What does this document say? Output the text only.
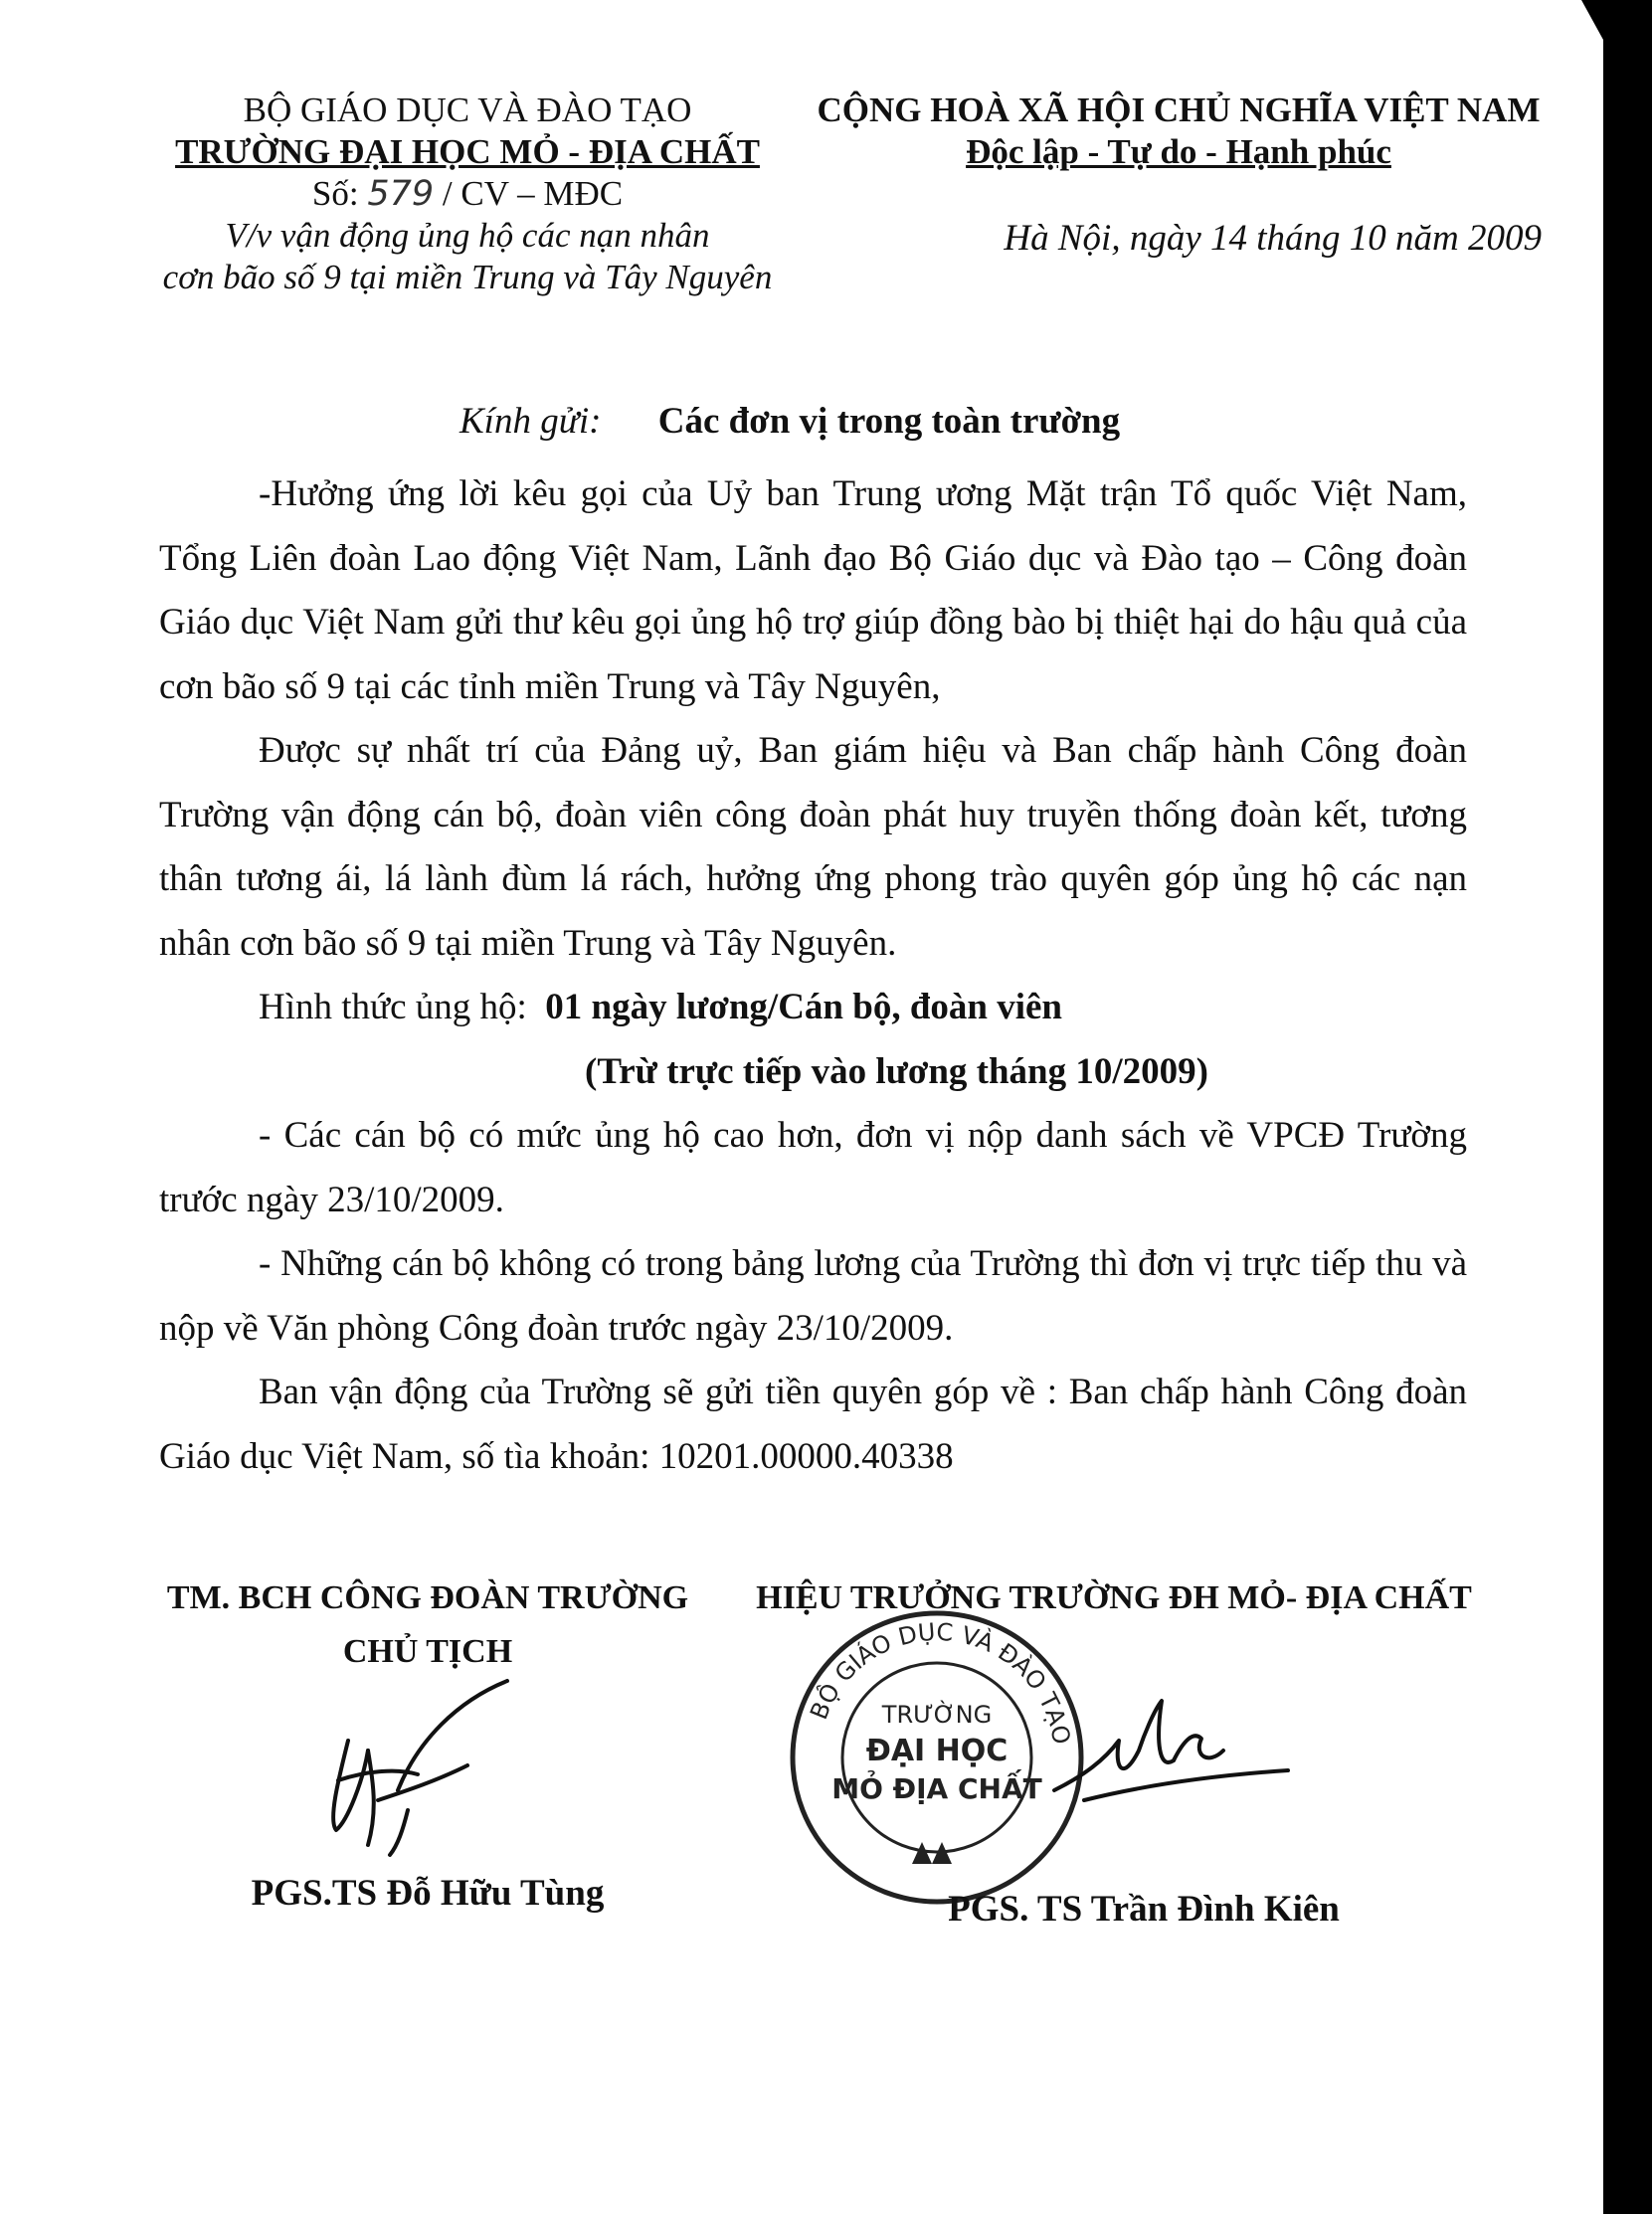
BỘ GIÁO DỤC VÀ ĐÀO TẠO
TRƯỜNG ĐẠI HỌC MỎ - ĐỊA CHẤT
Số: 579 / CV – MĐC
V/v vận động ủng hộ các nạn nhân
cơn bão số 9 tại miền Trung và Tây Nguyên
CỘNG HOÀ XÃ HỘI CHỦ NGHĨA VIỆT NAM
Độc lập - Tự do - Hạnh phúc
Hà Nội, ngày 14 tháng 10 năm 2009
Kính gửi: Các đơn vị trong toàn trường

-Hưởng ứng lời kêu gọi của Uỷ ban Trung ương Mặt trận Tổ quốc Việt Nam, Tổng Liên đoàn Lao động Việt Nam, Lãnh đạo Bộ Giáo dục và Đào tạo – Công đoàn Giáo dục Việt Nam gửi thư kêu gọi ủng hộ trợ giúp đồng bào bị thiệt hại do hậu quả của cơn bão số 9 tại các tỉnh miền Trung và Tây Nguyên,

Được sự nhất trí của Đảng uỷ, Ban giám hiệu và Ban chấp hành Công đoàn Trường vận động cán bộ, đoàn viên công đoàn phát huy truyền thống đoàn kết, tương thân tương ái, lá lành đùm lá rách, hưởng ứng phong trào quyên góp ủng hộ các nạn nhân cơn bão số 9 tại miền Trung và Tây Nguyên.

Hình thức ủng hộ: 01 ngày lương/Cán bộ, đoàn viên

(Trừ trực tiếp vào lương tháng 10/2009)

- Các cán bộ có mức ủng hộ cao hơn, đơn vị nộp danh sách về VPCĐ Trường trước ngày 23/10/2009.

- Những cán bộ không có trong bảng lương của Trường thì đơn vị trực tiếp thu và nộp về Văn phòng Công đoàn trước ngày 23/10/2009.

Ban vận động của Trường sẽ gửi tiền quyên góp về : Ban chấp hành Công đoàn Giáo dục Việt Nam, số tìa khoản: 10201.00000.40338

TM. BCH CÔNG ĐOÀN TRƯỜNG
CHỦ TỊCH
HIỆU TRƯỞNG TRƯỜNG ĐH MỎ- ĐỊA CHẤT
BỘ GIÁO DỤC VÀ ĐÀO TẠO
TRƯỜNG
ĐẠI HỌC
MỎ ĐỊA CHẤT
PGS.TS Đỗ Hữu Tùng	PGS. TS Trần Đình Kiên
